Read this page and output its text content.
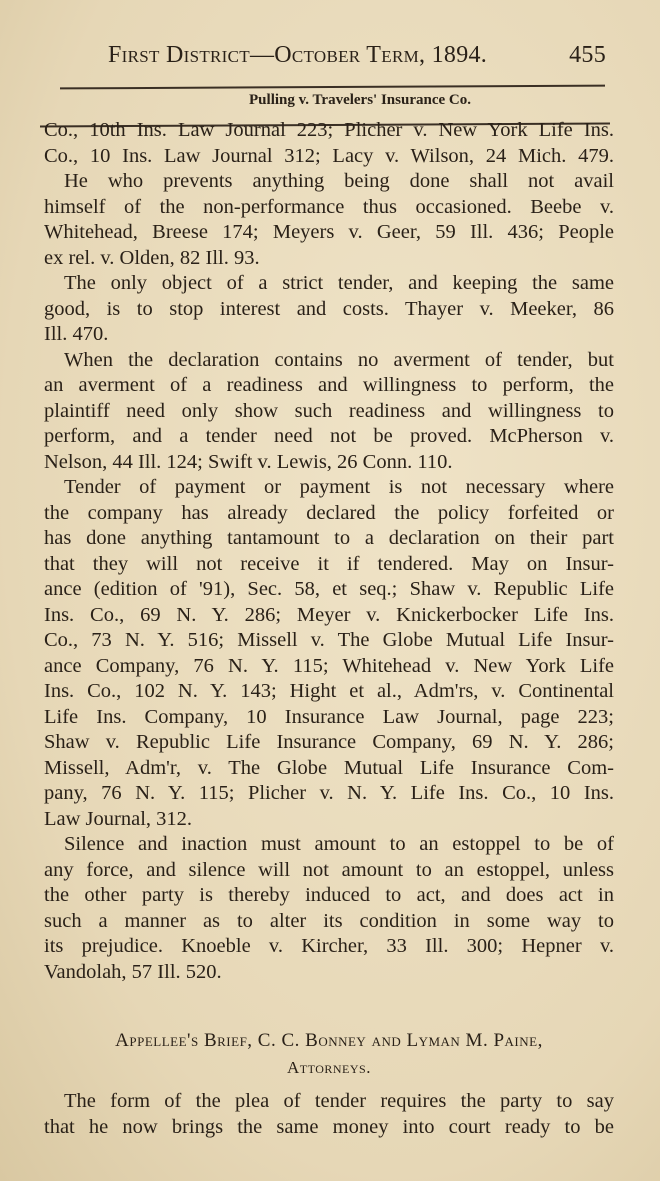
First District—October Term, 1894.	455
Pulling v. Travelers' Insurance Co.
Co., 10th Ins. Law Journal 223; Plicher v. New York Life Ins.
Co., 10 Ins. Law Journal 312; Lacy v. Wilson, 24 Mich. 479.
He who prevents anything being done shall not avail
himself of the non-performance thus occasioned. Beebe v.
Whitehead, Breese 174; Meyers v. Geer, 59 Ill. 436; People
ex rel. v. Olden, 82 Ill. 93.
The only object of a strict tender, and keeping the same
good, is to stop interest and costs. Thayer v. Meeker, 86
Ill. 470.
When the declaration contains no averment of tender, but
an averment of a readiness and willingness to perform, the
plaintiff need only show such readiness and willingness to
perform, and a tender need not be proved. McPherson v.
Nelson, 44 Ill. 124; Swift v. Lewis, 26 Conn. 110.
Tender of payment or payment is not necessary where
the company has already declared the policy forfeited or
has done anything tantamount to a declaration on their part
that they will not receive it if tendered. May on Insur-
ance (edition of '91), Sec. 58, et seq.; Shaw v. Republic Life
Ins. Co., 69 N. Y. 286; Meyer v. Knickerbocker Life Ins.
Co., 73 N. Y. 516; Missell v. The Globe Mutual Life Insur-
ance Company, 76 N. Y. 115; Whitehead v. New York Life
Ins. Co., 102 N. Y. 143; Hight et al., Adm'rs, v. Continental
Life Ins. Company, 10 Insurance Law Journal, page 223;
Shaw v. Republic Life Insurance Company, 69 N. Y. 286;
Missell, Adm'r, v. The Globe Mutual Life Insurance Com-
pany, 76 N. Y. 115; Plicher v. N. Y. Life Ins. Co., 10 Ins.
Law Journal, 312.
Silence and inaction must amount to an estoppel to be of
any force, and silence will not amount to an estoppel, unless
the other party is thereby induced to act, and does act in
such a manner as to alter its condition in some way to
its prejudice. Knoeble v. Kircher, 33 Ill. 300; Hepner v.
Vandolah, 57 Ill. 520.
The form of the plea of tender requires the party to say
that he now brings the same money into court ready to be
Appellee's Brief, C. C. Bonney and Lyman M. Paine,
Attorneys.
